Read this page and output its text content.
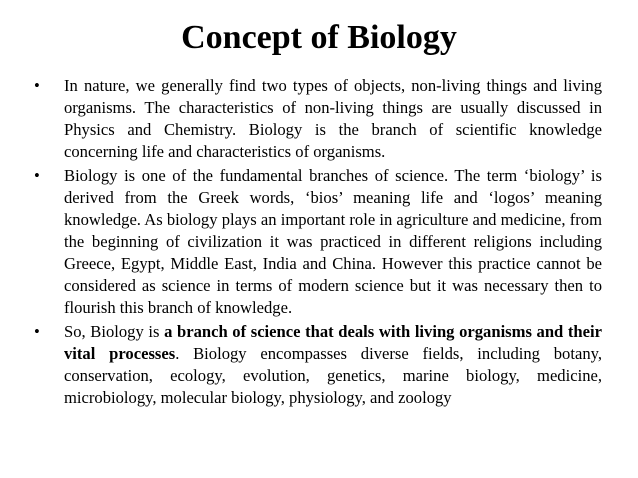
Concept of Biology
• In nature, we generally find two types of objects, non-living things and living organisms. The characteristics of non-living things are usually discussed in Physics and Chemistry. Biology is the branch of scientific knowledge concerning life and characteristics of organisms.
• Biology is one of the fundamental branches of science. The term ‘biology’ is derived from the Greek words, ‘bios’ meaning life and ‘logos’ meaning knowledge. As biology plays an important role in agriculture and medicine, from the beginning of civilization it was practiced in different religions including Greece, Egypt, Middle East, India and China. However this practice cannot be considered as science in terms of modern science but it was necessary then to flourish this branch of knowledge.
• So, Biology is a branch of science that deals with living organisms and their vital processes. Biology encompasses diverse fields, including botany, conservation, ecology, evolution, genetics, marine biology, medicine, microbiology, molecular biology, physiology, and zoology
